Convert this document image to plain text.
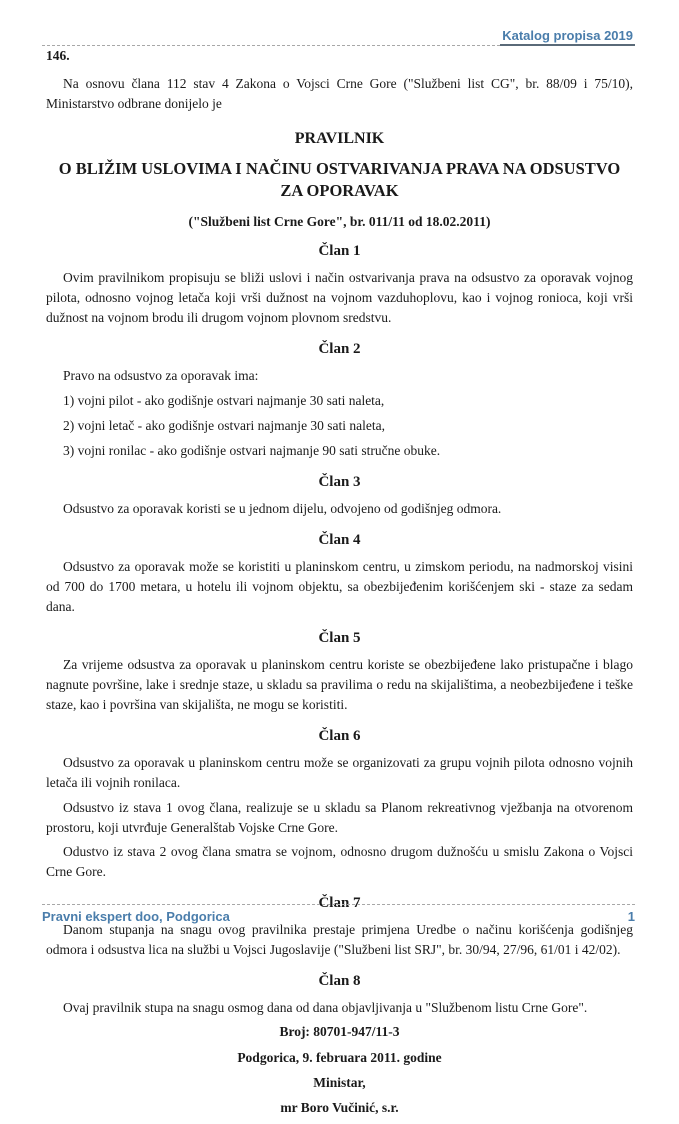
Katalog propisa 2019

146.

Na osnovu člana 112 stav 4 Zakona o Vojsci Crne Gore ("Službeni list CG", br. 88/09 i 75/10), Ministarstvo odbrane donijelo je

PRAVILNIK
O BLIŽIM USLOVIMA I NAČINU OSTVARIVANJA PRAVA NA ODSUSTVO ZA OPORAVAK
("Službeni list Crne Gore", br. 011/11 od 18.02.2011)
Član 1

Ovim pravilnikom propisuju se bliži uslovi i način ostvarivanja prava na odsustvo za oporavak vojnog pilota, odnosno vojnog letača koji vrši dužnost na vojnom vazduhoplovu, kao i vojnog ronioca, koji vrši dužnost na vojnom brodu ili drugom vojnom plovnom sredstvu.

Član 2

Pravo na odsustvo za oporavak ima:

1) vojni pilot - ako godišnje ostvari najmanje 30 sati naleta,

2) vojni letač - ako godišnje ostvari najmanje 30 sati naleta,

3) vojni ronilac - ako godišnje ostvari najmanje 90 sati stručne obuke.

Član 3

Odsustvo za oporavak koristi se u jednom dijelu, odvojeno od godišnjeg odmora.

Član 4

Odsustvo za oporavak može se koristiti u planinskom centru, u zimskom periodu, na nadmorskoj visini od 700 do 1700 metara, u hotelu ili vojnom objektu, sa obezbijeđenim korišćenjem ski - staze za sedam dana.

Član 5

Za vrijeme odsustva za oporavak u planinskom centru koriste se obezbijeđene lako pristupačne i blago nagnute površine, lake i srednje staze, u skladu sa pravilima o redu na skijalištima, a neobezbijeđene i teške staze, kao i površina van skijališta, ne mogu se koristiti.

Član 6

Odsustvo za oporavak u planinskom centru može se organizovati za grupu vojnih pilota odnosno vojnih letača ili vojnih ronilaca.

Odsustvo iz stava 1 ovog člana, realizuje se u skladu sa Planom rekreativnog vježbanja na otvorenom prostoru, koji utvrđuje Generalštab Vojske Crne Gore.

Odustvo iz stava 2 ovog člana smatra se vojnom, odnosno drugom dužnošću u smislu Zakona o Vojsci Crne Gore.

Član 7

Danom stupanja na snagu ovog pravilnika prestaje primjena Uredbe o načinu korišćenja godišnjeg odmora i odsustva lica na službi u Vojsci Jugoslavije ("Službeni list SRJ", br. 30/94, 27/96, 61/01 i 42/02).

Član 8

Ovaj pravilnik stupa na snagu osmog dana od dana objavljivanja u "Službenom listu Crne Gore".

Broj: 80701-947/11-3

Podgorica, 9. februara 2011. godine

Ministar,

mr Boro Vučinić, s.r.

Pravni ekspert doo, Podgorica	1
